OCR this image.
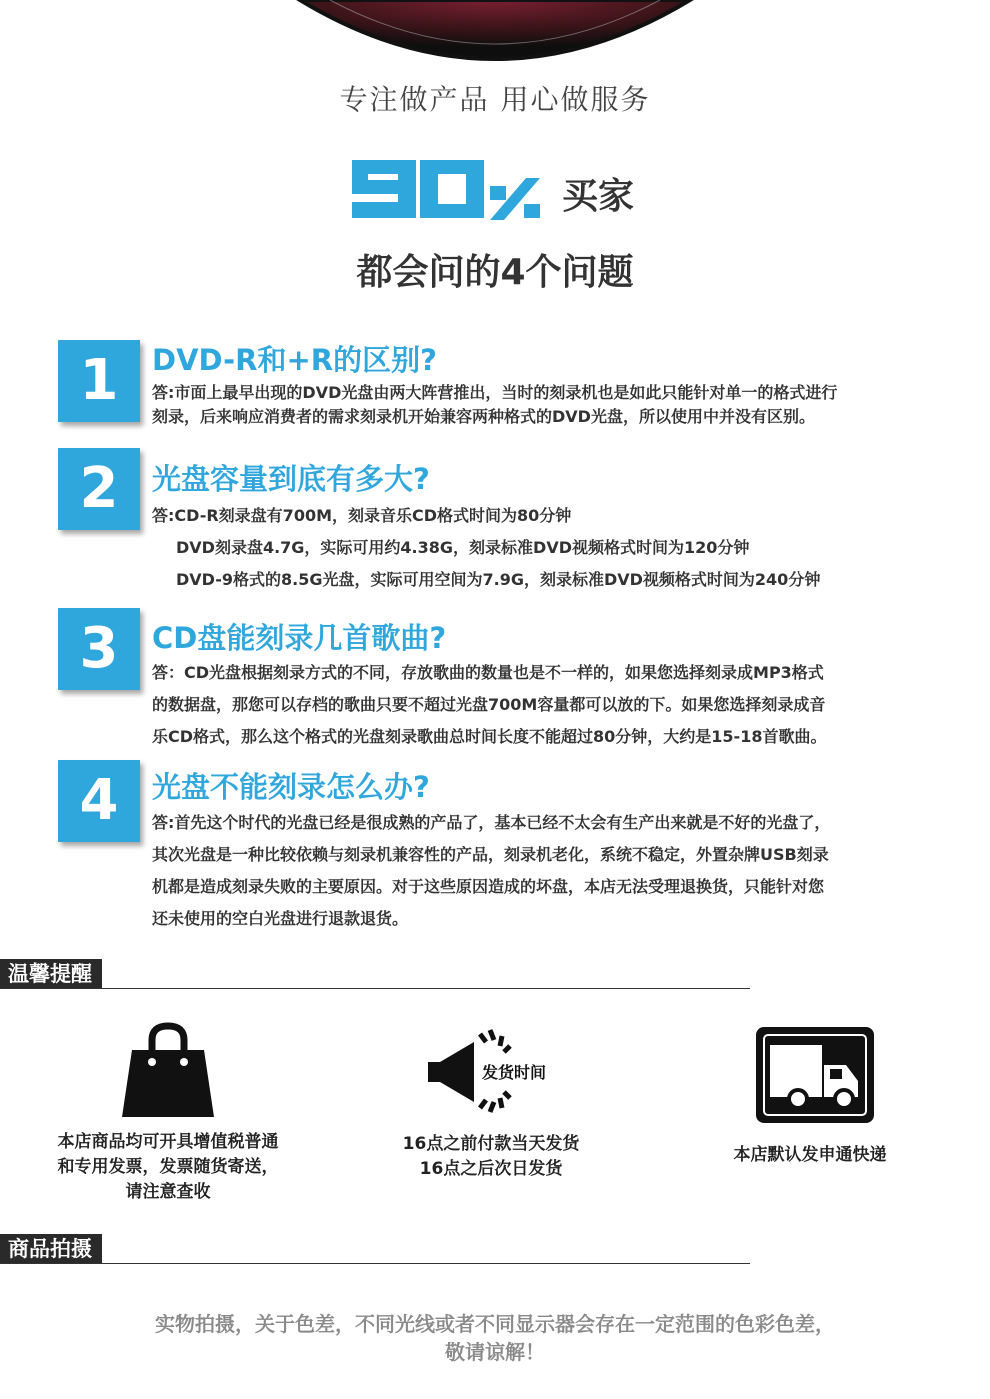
专注做产品 用心做服务
买家
都会问的4个问题
1	DVD-R和+R的区别?
答:市面上最早出现的DVD光盘由两大阵营推出，当时的刻录机也是如此只能针对单一的格式进行
刻录，后来响应消费者的需求刻录机开始兼容两种格式的DVD光盘，所以使用中并没有区别。
2	光盘容量到底有多大?
答:CD-R刻录盘有700M，刻录音乐CD格式时间为80分钟
DVD刻录盘4.7G，实际可用约4.38G，刻录标准DVD视频格式时间为120分钟
DVD-9格式的8.5G光盘，实际可用空间为7.9G，刻录标准DVD视频格式时间为240分钟
3	CD盘能刻录几首歌曲?
答：CD光盘根据刻录方式的不同，存放歌曲的数量也是不一样的，如果您选择刻录成MP3格式
的数据盘，那您可以存档的歌曲只要不超过光盘700M容量都可以放的下。如果您选择刻录成音
乐CD格式，那么这个格式的光盘刻录歌曲总时间长度不能超过80分钟，大约是15-18首歌曲。
4	光盘不能刻录怎么办?
答:首先这个时代的光盘已经是很成熟的产品了，基本已经不太会有生产出来就是不好的光盘了，
其次光盘是一种比较依赖与刻录机兼容性的产品，刻录机老化，系统不稳定，外置杂牌USB刻录
机都是造成刻录失败的主要原因。对于这些原因造成的坏盘，本店无法受理退换货，只能针对您
还未使用的空白光盘进行退款退货。
温馨提醒
本店商品均可开具增值税普通
和专用发票，发票随货寄送，
请注意查收
发货时间
16点之前付款当天发货
16点之后次日发货
本店默认发申通快递
商品拍摄
实物拍摄，关于色差，不同光线或者不同显示器会存在一定范围的色彩色差，
敬请谅解！
